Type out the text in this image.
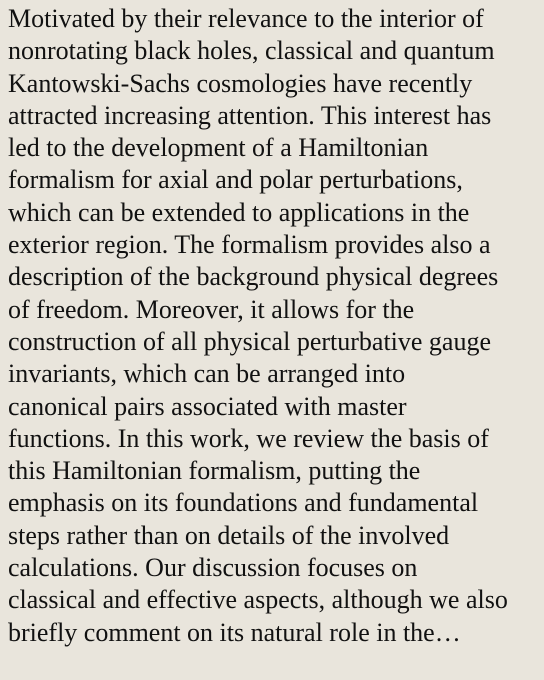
Motivated by their relevance to the interior of

nonrotating black holes, classical and quantum

Kantowski-Sachs cosmologies have recently

attracted increasing attention. This interest has

led to the development of a Hamiltonian

formalism for axial and polar perturbations,

which can be extended to applications in the

exterior region. The formalism provides also a

description of the background physical degrees

of freedom. Moreover, it allows for the

construction of all physical perturbative gauge

invariants, which can be arranged into

canonical pairs associated with master

functions. In this work, we review the basis of

this Hamiltonian formalism, putting the

emphasis on its foundations and fundamental

steps rather than on details of the involved

calculations. Our discussion focuses on

classical and effective aspects, although we also

briefly comment on its natural role in the…
